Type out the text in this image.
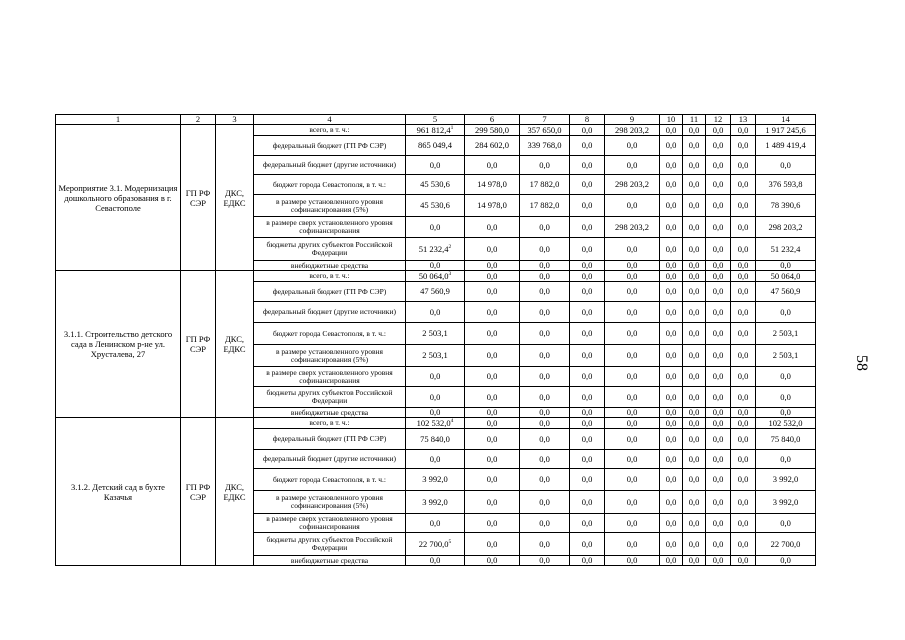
1	2	3	4	5	6	7	8	9	10	11	12	13	14
Мероприятие 3.1. Модернизация дошкольного образования в г. Севастополе	ГП РФ СЭР	ДКС, ЕДКС	всего, в т. ч.:	961 812,4$^1$	299 580,0	357 650,0	0,0	298 203,2	0,0	0,0	0,0	0,0	1 917 245,6
			федеральный бюджет (ГП РФ СЭР)	865 049,4	284 602,0	339 768,0	0,0	0,0	0,0	0,0	0,0	0,0	1 489 419,4
			федеральный бюджет (другие источники)	0,0	0,0	0,0	0,0	0,0	0,0	0,0	0,0	0,0	0,0
			бюджет города Севастополя, в т. ч.:	45 530,6	14 978,0	17 882,0	0,0	298 203,2	0,0	0,0	0,0	0,0	376 593,8
			в размере установленного уровня софинансирования (5%)	45 530,6	14 978,0	17 882,0	0,0	0,0	0,0	0,0	0,0	0,0	78 390,6
			в размере сверх установленного уровня софинансирования	0,0	0,0	0,0	0,0	298 203,2	0,0	0,0	0,0	0,0	298 203,2
			бюджеты других субъектов Российской Федерации	51 232,4$^2$	0,0	0,0	0,0	0,0	0,0	0,0	0,0	0,0	51 232,4
			внебюджетные средства	0,0	0,0	0,0	0,0	0,0	0,0	0,0	0,0	0,0	0,0
3.1.1. Строительство детского сада в Ленинском р-не ул. Хрусталева, 27	ГП РФ СЭР	ДКС, ЕДКС	всего, в т. ч.:	50 064,0$^3$	0,0	0,0	0,0	0,0	0,0	0,0	0,0	0,0	50 064,0
			федеральный бюджет (ГП РФ СЭР)	47 560,9	0,0	0,0	0,0	0,0	0,0	0,0	0,0	0,0	47 560,9
			федеральный бюджет (другие источники)	0,0	0,0	0,0	0,0	0,0	0,0	0,0	0,0	0,0	0,0
			бюджет города Севастополя, в т. ч.:	2 503,1	0,0	0,0	0,0	0,0	0,0	0,0	0,0	0,0	2 503,1
			в размере установленного уровня софинансирования (5%)	2 503,1	0,0	0,0	0,0	0,0	0,0	0,0	0,0	0,0	2 503,1
			в размере сверх установленного уровня софинансирования	0,0	0,0	0,0	0,0	0,0	0,0	0,0	0,0	0,0	0,0
			бюджеты других субъектов Российской Федерации	0,0	0,0	0,0	0,0	0,0	0,0	0,0	0,0	0,0	0,0
			внебюджетные средства	0,0	0,0	0,0	0,0	0,0	0,0	0,0	0,0	0,0	0,0
3.1.2. Детский сад в бухте Казачья	ГП РФ СЭР	ДКС, ЕДКС	всего, в т. ч.:	102 532,0$^4$	0,0	0,0	0,0	0,0	0,0	0,0	0,0	0,0	102 532,0
			федеральный бюджет (ГП РФ СЭР)	75 840,0	0,0	0,0	0,0	0,0	0,0	0,0	0,0	0,0	75 840,0
			федеральный бюджет (другие источники)	0,0	0,0	0,0	0,0	0,0	0,0	0,0	0,0	0,0	0,0
			бюджет города Севастополя, в т. ч.:	3 992,0	0,0	0,0	0,0	0,0	0,0	0,0	0,0	0,0	3 992,0
			в размере установленного уровня софинансирования (5%)	3 992,0	0,0	0,0	0,0	0,0	0,0	0,0	0,0	0,0	3 992,0
			в размере сверх установленного уровня софинансирования	0,0	0,0	0,0	0,0	0,0	0,0	0,0	0,0	0,0	0,0
			бюджеты других субъектов Российской Федерации	22 700,0$^5$	0,0	0,0	0,0	0,0	0,0	0,0	0,0	0,0	22 700,0
			внебюджетные средства	0,0	0,0	0,0	0,0	0,0	0,0	0,0	0,0	0,0	0,0
58
